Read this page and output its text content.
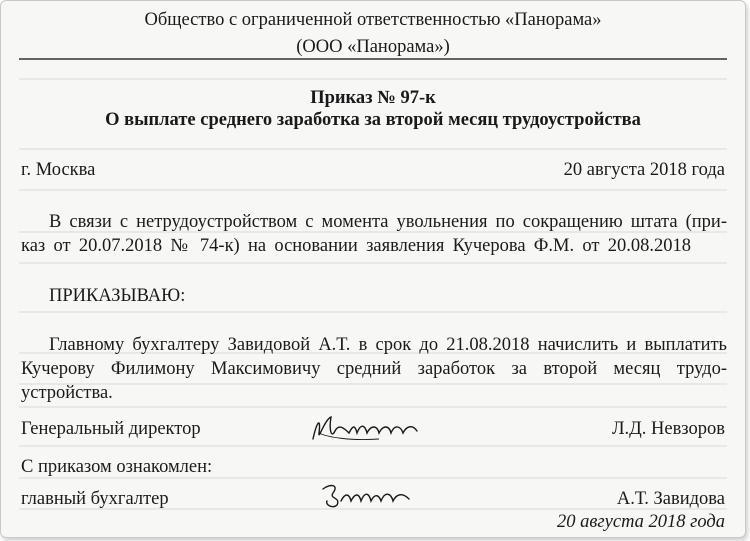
Общество с ограниченной ответственностью «Панорама»
(ООО «Панорама»)
Приказ № 97-к
О выплате среднего заработка за второй месяц трудоустройства
г. Москва	20 августа 2018 года
В связи с нетрудоустройством с момента увольнения по сокращению штата (при-
каз от 20.07.2018 № 74-к) на основании заявления Кучерова Ф.М. от 20.08.2018
ПРИКАЗЫВАЮ:
Главному бухгалтеру Завидовой А.Т. в срок до 21.08.2018 начислить и выплатить
Кучерову Филимону Максимовичу средний заработок за второй месяц трудо-
устройства.
Генеральный директор	Л.Д. Невзоров
С приказом ознакомлен:
главный бухгалтер	А.Т. Завидова
20 августа 2018 года
